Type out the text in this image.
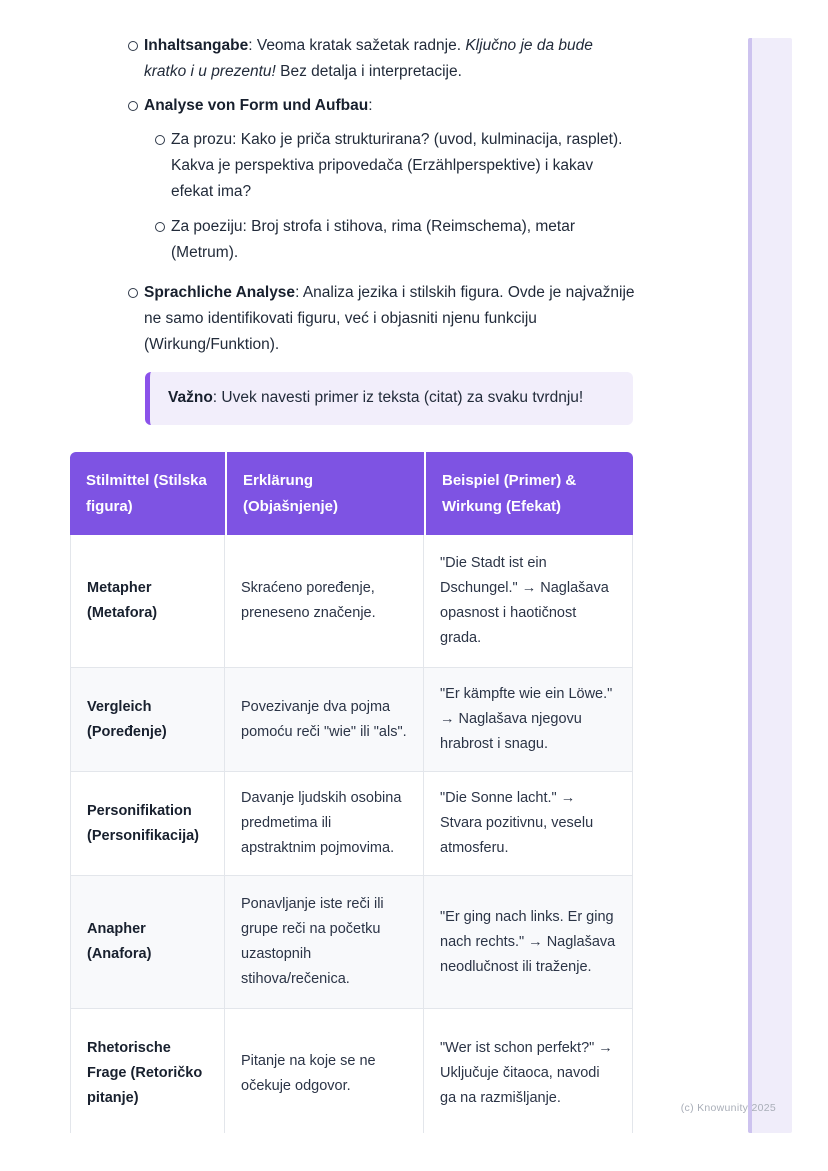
Inhaltsangabe: Veoma kratak sažetak radnje. Ključno je da bude kratko i u prezentu! Bez detalja i interpretacije.
Analyse von Form und Aufbau:
Za prozu: Kako je priča strukturirana? (uvod, kulminacija, rasplet). Kakva je perspektiva pripovedača (Erzählperspektive) i kakav efekat ima?
Za poeziju: Broj strofa i stihova, rima (Reimschema), metar (Metrum).
Sprachliche Analyse: Analiza jezika i stilskih figura. Ovde je najvažnije ne samo identifikovati figuru, već i objasniti njenu funkciju (Wirkung/Funktion).
Važno: Uvek navesti primer iz teksta (citat) za svaku tvrdnju!
Stilmittel (Stilska figura)
Erklärung (Objašnjenje)
Beispiel (Primer) & Wirkung (Efekat)
Metapher (Metafora)
Skraćeno poređenje, preneseno značenje.
"Die Stadt ist ein Dschungel." → Naglašava opasnost i haotičnost grada.
Vergleich (Poređenje)
Povezivanje dva pojma pomoću reči "wie" ili "als".
"Er kämpfte wie ein Löwe." → Naglašava njegovu hrabrost i snagu.
Personifikation (Personifikacija)
Davanje ljudskih osobina predmetima ili apstraktnim pojmovima.
"Die Sonne lacht." → Stvara pozitivnu, veselu atmosferu.
Anapher (Anafora)
Ponavljanje iste reči ili grupe reči na početku uzastopnih stihova/rečenica.
"Er ging nach links. Er ging nach rechts." → Naglašava neodlučnost ili traženje.
Rhetorische Frage (Retoričko pitanje)
Pitanje na koje se ne očekuje odgovor.
"Wer ist schon perfekt?" → Uključuje čitaoca, navodi ga na razmišljanje.
(c) Knowunity 2025
